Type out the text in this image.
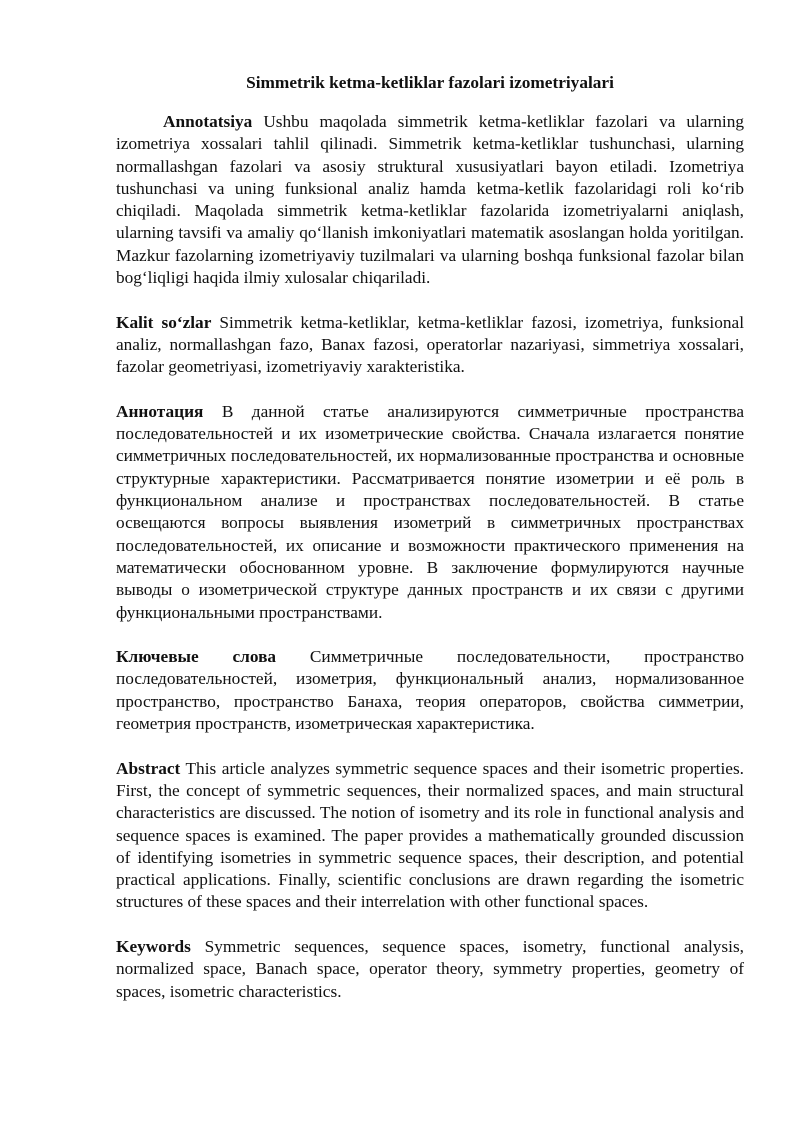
Simmetrik ketma-ketliklar fazolari izometriyalari

Annotatsiya Ushbu maqolada simmetrik ketma-ketliklar fazolari va ularning izometriya xossalari tahlil qilinadi. Simmetrik ketma-ketliklar tushunchasi, ularning normallashgan fazolari va asosiy struktural xususiyatlari bayon etiladi. Izometriya tushunchasi va uning funksional analiz hamda ketma-ketlik fazolaridagi roli ko‘rib chiqiladi. Maqolada simmetrik ketma-ketliklar fazolarida izometriyalarni aniqlash, ularning tavsifi va amaliy qo‘llanish imkoniyatlari matematik asoslangan holda yoritilgan. Mazkur fazolarning izometriyaviy tuzilmalari va ularning boshqa funksional fazolar bilan bog‘liqligi haqida ilmiy xulosalar chiqariladi.

Kalit so‘zlar Simmetrik ketma-ketliklar, ketma-ketliklar fazosi, izometriya, funksional analiz, normallashgan fazo, Banax fazosi, operatorlar nazariyasi, simmetriya xossalari, fazolar geometriyasi, izometriyaviy xarakteristika.

Аннотация В данной статье анализируются симметричные пространства последовательностей и их изометрические свойства. Сначала излагается понятие симметричных последовательностей, их нормализованные пространства и основные структурные характеристики. Рассматривается понятие изометрии и её роль в функциональном анализе и пространствах последовательностей. В статье освещаются вопросы выявления изометрий в симметричных пространствах последовательностей, их описание и возможности практического применения на математически обоснованном уровне. В заключение формулируются научные выводы о изометрической структуре данных пространств и их связи с другими функциональными пространствами.

Ключевые слова Симметричные последовательности, пространство последовательностей, изометрия, функциональный анализ, нормализованное пространство, пространство Банаха, теория операторов, свойства симметрии, геометрия пространств, изометрическая характеристика.

Abstract This article analyzes symmetric sequence spaces and their isometric properties. First, the concept of symmetric sequences, their normalized spaces, and main structural characteristics are discussed. The notion of isometry and its role in functional analysis and sequence spaces is examined. The paper provides a mathematically grounded discussion of identifying isometries in symmetric sequence spaces, their description, and potential practical applications. Finally, scientific conclusions are drawn regarding the isometric structures of these spaces and their interrelation with other functional spaces.

Keywords Symmetric sequences, sequence spaces, isometry, functional analysis, normalized space, Banach space, operator theory, symmetry properties, geometry of spaces, isometric characteristics.
